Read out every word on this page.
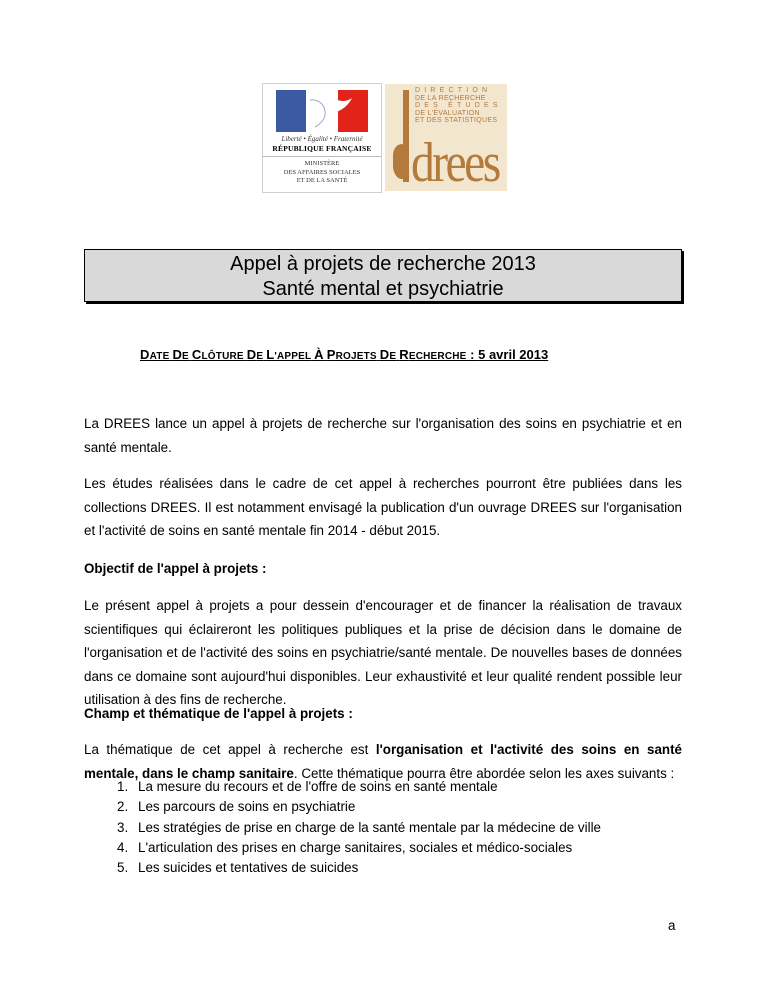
Liberté • Égalité • Fraternité
RÉPUBLIQUE FRANÇAISE
MINISTÈRE
DES AFFAIRES SOCIALES
ET DE LA SANTÉ
DIRECTION
DE LA RECHERCHE
DES ÉTUDES
DE L'ÉVALUATION
ET DES STATISTIQUES
drees
Appel à projets de recherche 2013
Santé mental et psychiatrie
DATE DE CLÔTURE DE L'APPEL À PROJETS DE RECHERCHE : 5 avril 2013

La DREES lance un appel à projets de recherche sur l'organisation des soins en psychiatrie et en santé mentale.

Les études réalisées dans le cadre de cet appel à recherches pourront être publiées dans les collections DREES. Il est notamment envisagé la publication d'un ouvrage DREES sur l'organisation et l'activité de soins en santé mentale fin 2014 - début 2015.

Objectif de l'appel à projets :

Le présent appel à projets a pour dessein d'encourager et de financer la réalisation de travaux scientifiques qui éclaireront les politiques publiques et la prise de décision dans le domaine de l'organisation et de l'activité des soins en psychiatrie/santé mentale. De nouvelles bases de données dans ce domaine sont aujourd'hui disponibles. Leur exhaustivité et leur qualité rendent possible leur utilisation à des fins de recherche.

Champ et thématique de l'appel à projets :

La thématique de cet appel à recherche est l'organisation et l'activité des soins en santé mentale, dans le champ sanitaire. Cette thématique pourra être abordée selon les axes suivants :

1. La mesure du recours et de l'offre de soins en santé mentale
2. Les parcours de soins en psychiatrie
3. Les stratégies de prise en charge de la santé mentale par la médecine de ville
4. L'articulation des prises en charge sanitaires, sociales et médico-sociales
5. Les suicides et tentatives de suicides
a
